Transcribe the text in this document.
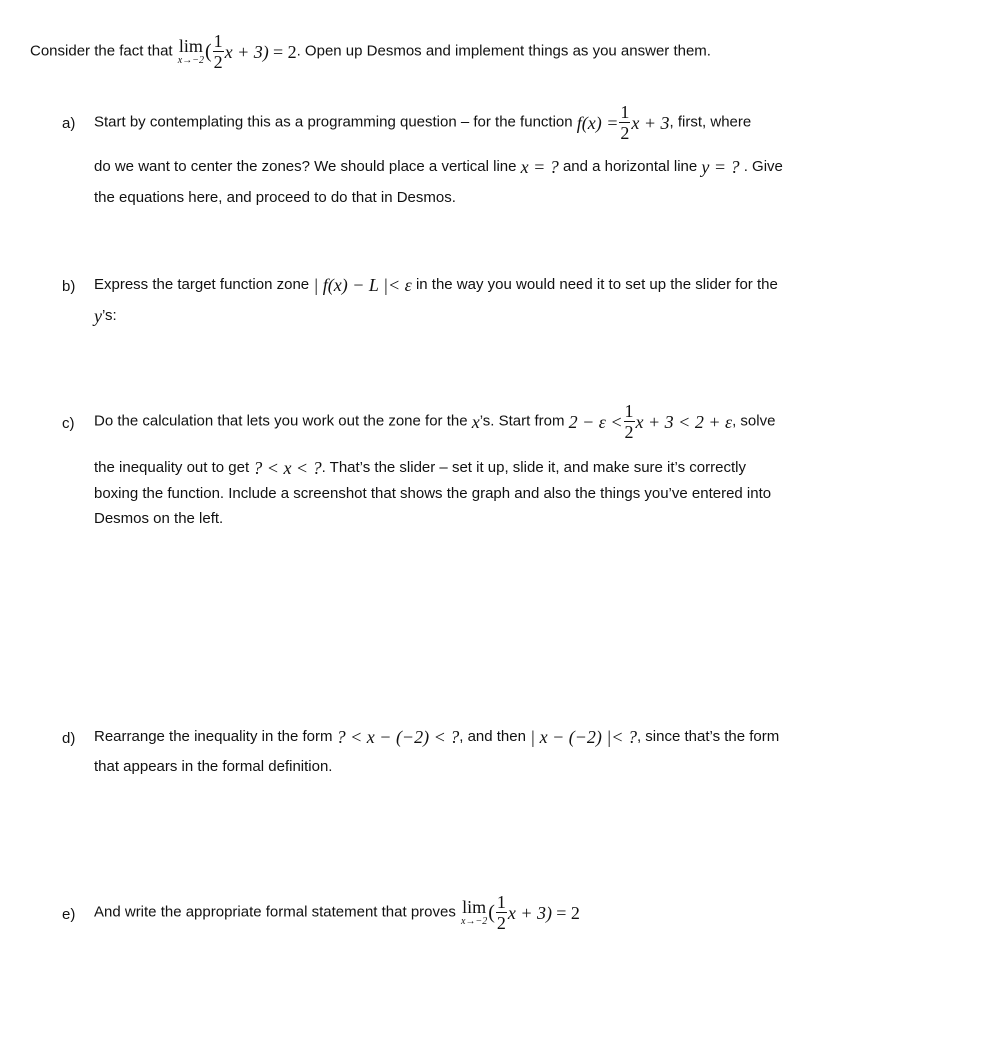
Consider the fact that lim
x→−2 ( $\frac{1}{2}$ x + 3) = 2. Open up Desmos and implement things as you answer them.
a) Start by contemplating this as a programming question – for the function $f(x) = \frac{1}{2}$ x + 3, first, where
do we want to center the zones? We should place a vertical line x = ? and a horizontal line y = ? . Give
the equations here, and proceed to do that in Desmos.
b) Express the target function zone | f(x) − L |< ε in the way you would need it to set up the slider for the
y’s:
c) Do the calculation that lets you work out the zone for the x’s. Start from $2 - \varepsilon < \frac{1}{2}$ x + 3 < 2 + ε, solve
the inequality out to get ? < x < ?. That’s the slider – set it up, slide it, and make sure it’s correctly
boxing the function. Include a screenshot that shows the graph and also the things you’ve entered into
Desmos on the left.
d) Rearrange the inequality in the form ? < x − (−2) < ?, and then | x − (−2) |< ?, since that’s the form
that appears in the formal definition.
e) And write the appropriate formal statement that proves lim
x→−2 ( $\frac{1}{2}$ x + 3) = 2
